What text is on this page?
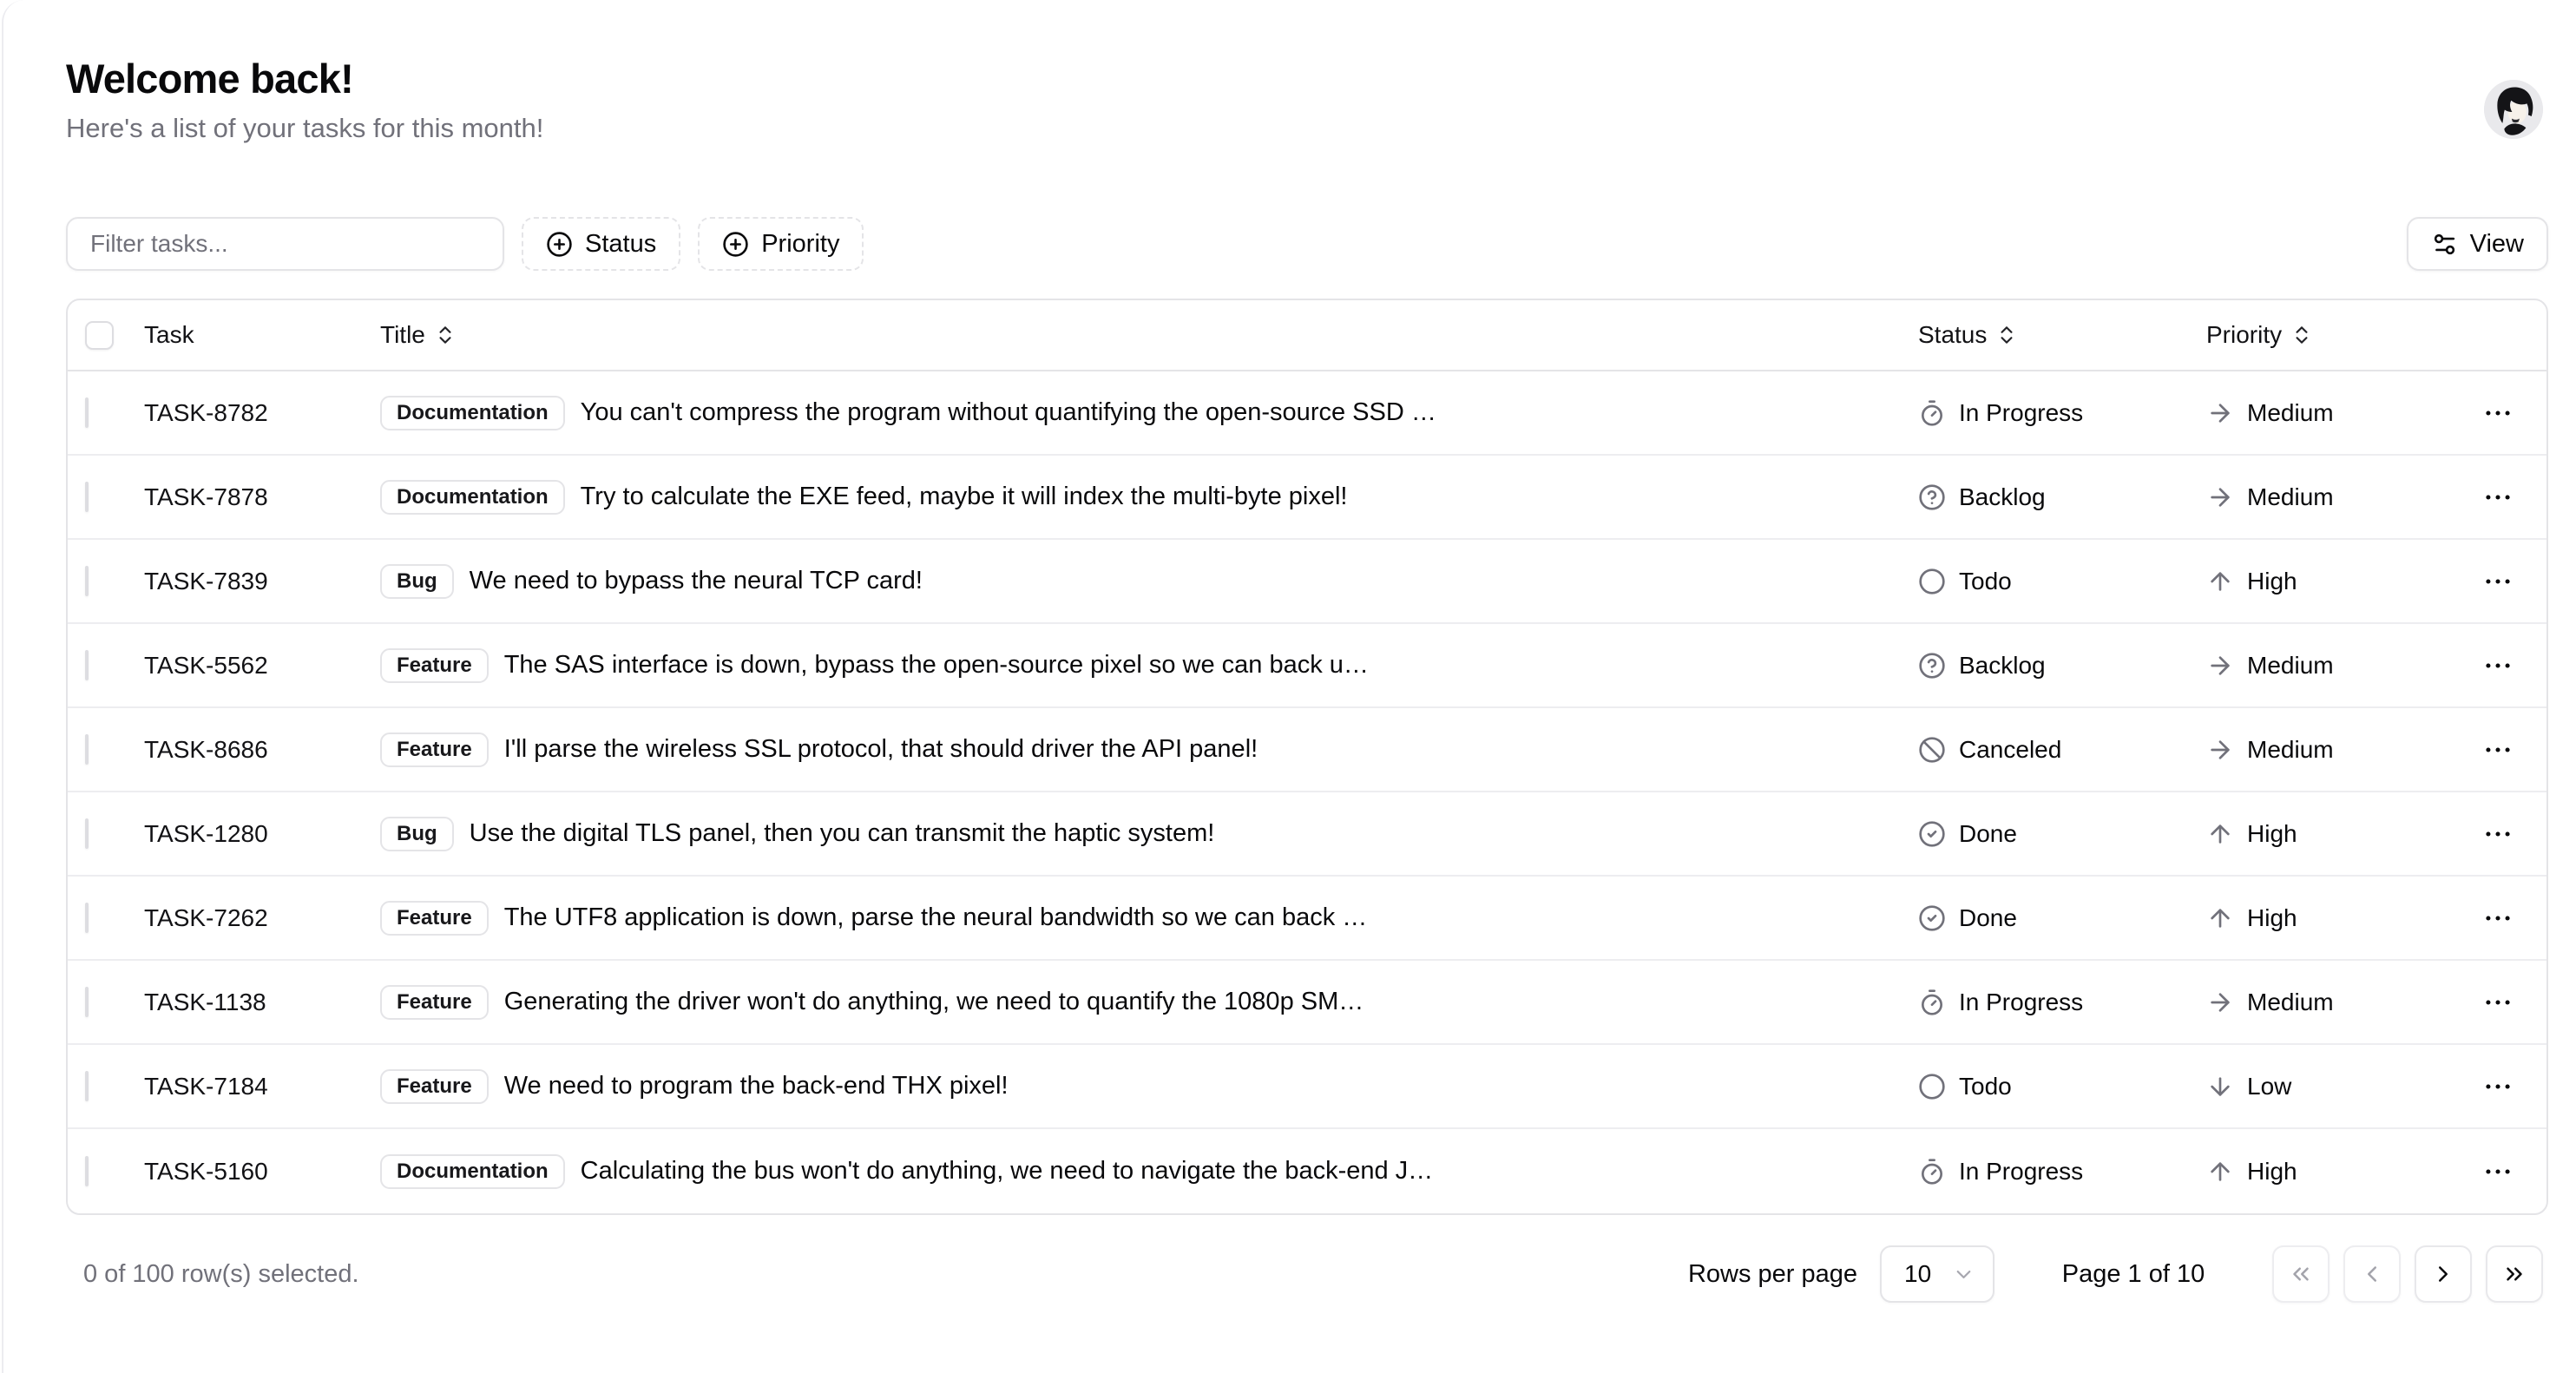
Welcome back!
Here's a list of your tasks for this month!
Filter tasks...
Status	Priority	View
Task	Title	Status	Priority
TASK-8782	Documentation	You can't compress the program without quantifying the open-source SSD …	In Progress	Medium
TASK-7878	Documentation	Try to calculate the EXE feed, maybe it will index the multi-byte pixel!	Backlog	Medium
TASK-7839	Bug	We need to bypass the neural TCP card!	Todo	High
TASK-5562	Feature	The SAS interface is down, bypass the open-source pixel so we can back u…	Backlog	Medium
TASK-8686	Feature	I'll parse the wireless SSL protocol, that should driver the API panel!	Canceled	Medium
TASK-1280	Bug	Use the digital TLS panel, then you can transmit the haptic system!	Done	High
TASK-7262	Feature	The UTF8 application is down, parse the neural bandwidth so we can back …	Done	High
TASK-1138	Feature	Generating the driver won't do anything, we need to quantify the 1080p SM…	In Progress	Medium
TASK-7184	Feature	We need to program the back-end THX pixel!	Todo	Low
TASK-5160	Documentation	Calculating the bus won't do anything, we need to navigate the back-end J…	In Progress	High
0 of 100 row(s) selected.	Rows per page 10	Page 1 of 10
